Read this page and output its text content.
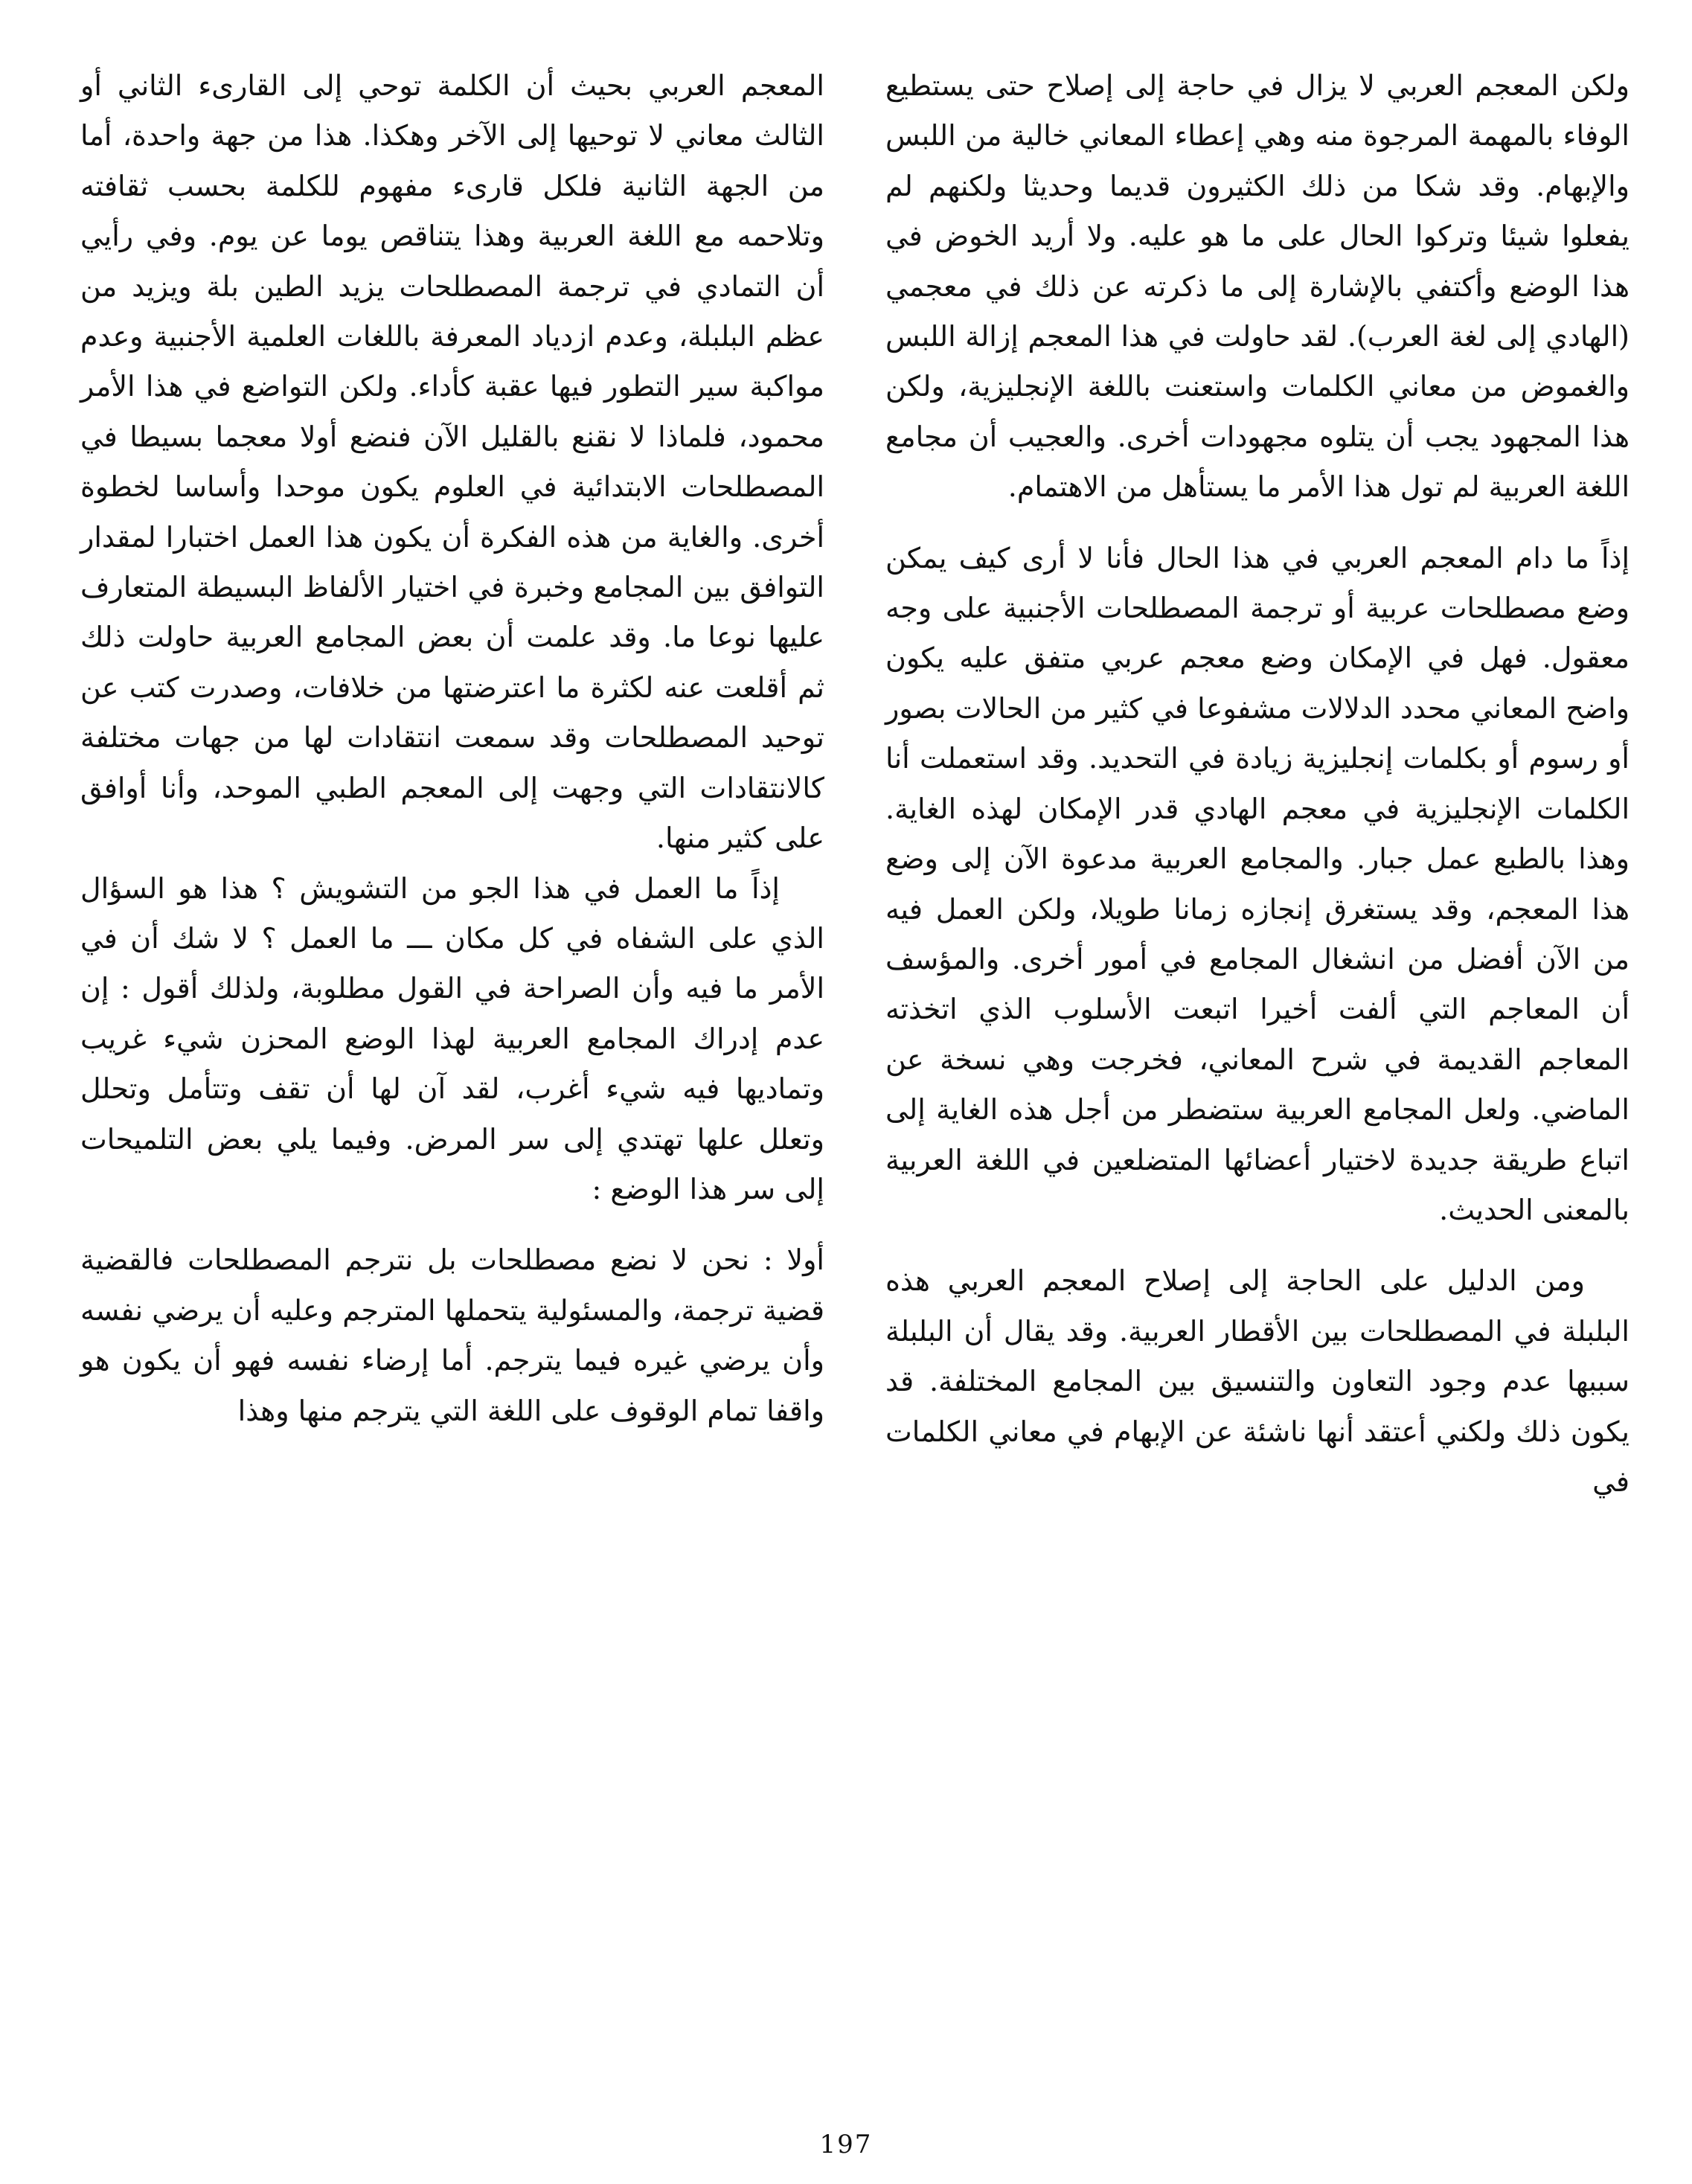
ولكن المعجم العربي لا يزال في حاجة إلى إصلاح حتى يستطيع الوفاء بالمهمة المرجوة منه وهي إعطاء المعاني خالية من اللبس والإبهام. وقد شكا من ذلك الكثيرون قديما وحديثا ولكنهم لم يفعلوا شيئا وتركوا الحال على ما هو عليه. ولا أريد الخوض في هذا الوضع وأكتفي بالإشارة إلى ما ذكرته عن ذلك في معجمي (الهادي إلى لغة العرب). لقد حاولت في هذا المعجم إزالة اللبس والغموض من معاني الكلمات واستعنت باللغة الإنجليزية، ولكن هذا المجهود يجب أن يتلوه مجهودات أخرى. والعجيب أن مجامع اللغة العربية لم تول هذا الأمر ما يستأهل من الاهتمام.

إذاً ما دام المعجم العربي في هذا الحال فأنا لا أرى كيف يمكن وضع مصطلحات عربية أو ترجمة المصطلحات الأجنبية على وجه معقول. فهل في الإمكان وضع معجم عربي متفق عليه يكون واضح المعاني محدد الدلالات مشفوعا في كثير من الحالات بصور أو رسوم أو بكلمات إنجليزية زيادة في التحديد. وقد استعملت أنا الكلمات الإنجليزية في معجم الهادي قدر الإمكان لهذه الغاية. وهذا بالطبع عمل جبار. والمجامع العربية مدعوة الآن إلى وضع هذا المعجم، وقد يستغرق إنجازه زمانا طويلا، ولكن العمل فيه من الآن أفضل من انشغال المجامع في أمور أخرى. والمؤسف أن المعاجم التي ألفت أخيرا اتبعت الأسلوب الذي اتخذته المعاجم القديمة في شرح المعاني، فخرجت وهي نسخة عن الماضي. ولعل المجامع العربية ستضطر من أجل هذه الغاية إلى اتباع طريقة جديدة لاختيار أعضائها المتضلعين في اللغة العربية بالمعنى الحديث.

ومن الدليل على الحاجة إلى إصلاح المعجم العربي هذه البلبلة في المصطلحات بين الأقطار العربية. وقد يقال أن البلبلة سببها عدم وجود التعاون والتنسيق بين المجامع المختلفة. قد يكون ذلك ولكني أعتقد أنها ناشئة عن الإبهام في معاني الكلمات في

المعجم العربي بحيث أن الكلمة توحي إلى القارىء الثاني أو الثالث معاني لا توحيها إلى الآخر وهكذا. هذا من جهة واحدة، أما من الجهة الثانية فلكل قارىء مفهوم للكلمة بحسب ثقافته وتلاحمه مع اللغة العربية وهذا يتناقص يوما عن يوم. وفي رأيي أن التمادي في ترجمة المصطلحات يزيد الطين بلة ويزيد من عظم البلبلة، وعدم ازدياد المعرفة باللغات العلمية الأجنبية وعدم مواكبة سير التطور فيها عقبة كأداء. ولكن التواضع في هذا الأمر محمود، فلماذا لا نقنع بالقليل الآن فنضع أولا معجما بسيطا في المصطلحات الابتدائية في العلوم يكون موحدا وأساسا لخطوة أخرى. والغاية من هذه الفكرة أن يكون هذا العمل اختبارا لمقدار التوافق بين المجامع وخبرة في اختيار الألفاظ البسيطة المتعارف عليها نوعا ما. وقد علمت أن بعض المجامع العربية حاولت ذلك ثم أقلعت عنه لكثرة ما اعترضتها من خلافات، وصدرت كتب عن توحيد المصطلحات وقد سمعت انتقادات لها من جهات مختلفة كالانتقادات التي وجهت إلى المعجم الطبي الموحد، وأنا أوافق على كثير منها.

إذاً ما العمل في هذا الجو من التشويش ؟ هذا هو السؤال الذي على الشفاه في كل مكان ـــ ما العمل ؟ لا شك أن في الأمر ما فيه وأن الصراحة في القول مطلوبة، ولذلك أقول : إن عدم إدراك المجامع العربية لهذا الوضع المحزن شيء غريب وتماديها فيه شيء أغرب، لقد آن لها أن تقف وتتأمل وتحلل وتعلل علها تهتدي إلى سر المرض. وفيما يلي بعض التلميحات إلى سر هذا الوضع :

أولا : نحن لا نضع مصطلحات بل نترجم المصطلحات فالقضية قضية ترجمة، والمسئولية يتحملها المترجم وعليه أن يرضي نفسه وأن يرضي غيره فيما يترجم. أما إرضاء نفسه فهو أن يكون هو واقفا تمام الوقوف على اللغة التي يترجم منها وهذا

197
